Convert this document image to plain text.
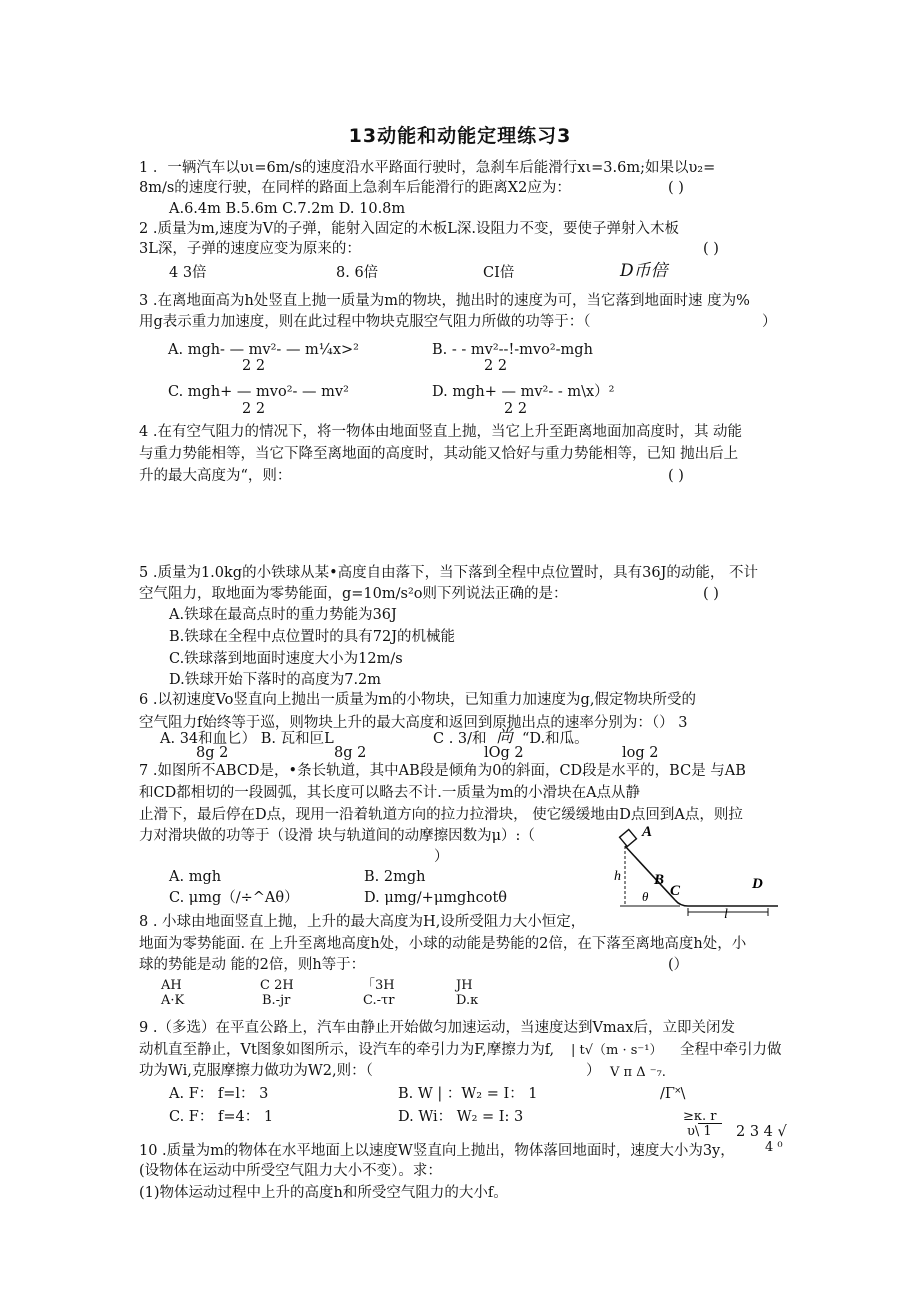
13动能和动能定理练习3
1 ．一辆汽车以υι=6m∕s的速度沿水平路面行驶时，急刹车后能滑行xι=3.6m;如果以υ₂=
8m∕s的速度行驶，在同样的路面上急刹车后能滑行的距离X2应为：	( )
A.6.4m B.5.6m C.7.2m D. 10.8m
2 .质量为m,速度为V的子弹，能射入固定的木板L深.设阻力不变，要使子弹射入木板
3L深，子弹的速度应变为原来的：	( )
4 3倍	8. 6倍	CI倍	D币倍
3 .在离地面高为h处竖直上抛一质量为m的物块，抛出时的速度为可，当它落到地面时速 度为%
用g表示重力加速度，则在此过程中物块克服空气阻力所做的功等于：（	）
A. mgh- — mv²- — m¼x>²
2 2
B. - - mv²--!-mvo²-mgh
2 2
C. mgh+ — mvo²- — mv²
2 2
D. mgh+ — mv²- - m\x）²
2 2
4 .在有空气阻力的情况下，将一物体由地面竖直上抛，当它上升至距离地面加高度时，其 动能
与重力势能相等，当它下降至离地面的高度时，其动能又恰好与重力势能相等，已知 抛出后上
升的最大高度为“，则：	( )
5 .质量为1.0kg的小铁球从某•高度自由落下，当下落到全程中点位置时，具有36J的动能， 不计
空气阻力，取地面为零势能面，g=10m∕s²o则下列说法正确的是：	( )
A.铁球在最高点时的重力势能为36J
B.铁球在全程中点位置时的具有72J的机械能
C.铁球落到地面时速度大小为12m∕s
D.铁球开始下落时的高度为7.2m
6 .以初速度Vo竖直向上抛出一质量为m的小物块，已知重力加速度为g,假定物块所受的
空气阻力f始终等于巡，则物块上升的最大高度和返回到原抛出点的速率分别为：（） 3
A. 34和血匕） B. 瓦和叵L	C . 3/和 尚 “D.和瓜。
8g 2	8g 2	lOg 2	log 2
7 .如图所不ABCD是，•条长轨道，其中AB段是倾角为0的斜面，CD段是水平的，BC是 与AB
和CD都相切的一段圆弧，其长度可以略去不计.一质量为m的小滑块在A点从静
止滑下，最后停在D点，现用一沿着轨道方向的拉力拉滑块， 使它缓缓地由D点回到A点，则拉
力对滑块做的功等于（设滑 块与轨道间的动摩擦因数为μ）:（
）
A. mgh	B. 2mgh
C. μmg（∕÷^Aθ）	D. μmg∕+μmghcotθ
A
B
C	D
h
θ
l
8 . 小球由地面竖直上抛，上升的最大高度为H,设所受阻力大小恒定，
地面为零势能面. 在 上升至离地高度h处，小球的动能是势能的2倍，在下落至离地高度h处，小
球的势能是动 能的2倍，则h等于：	(）
AH	C 2H	「3H	JH
A·K	B.-jr	C.-τr	D.κ
9 .（多选）在平直公路上，汽车由静止开始做匀加速运动，当速度达到Vmax后，立即关闭发
动机直至静止，Vt图象如图所示，设汽车的牵引力为F,摩擦力为f, | t√（m · s⁻¹） 全程中牵引力做
功为Wi,克服摩擦力做功为W2,则：（	） V π Δ ⁻₇.
A. F： f=l： 3	B. W | ：W₂ = I： 1	/Γ˟\
C. F： f=4： 1	D. Wi： W₂ = I: 3	≥κ. r
υ\ 1 2 3 4 √
10 .质量为m的物体在水平地面上以速度W竖直向上抛出，物体落回地面时，速度大小为3y， 4 ⁰
(设物体在运动中所受空气阻力大小不变）。求：
(1)物体运动过程中上升的高度h和所受空气阻力的大小f。
